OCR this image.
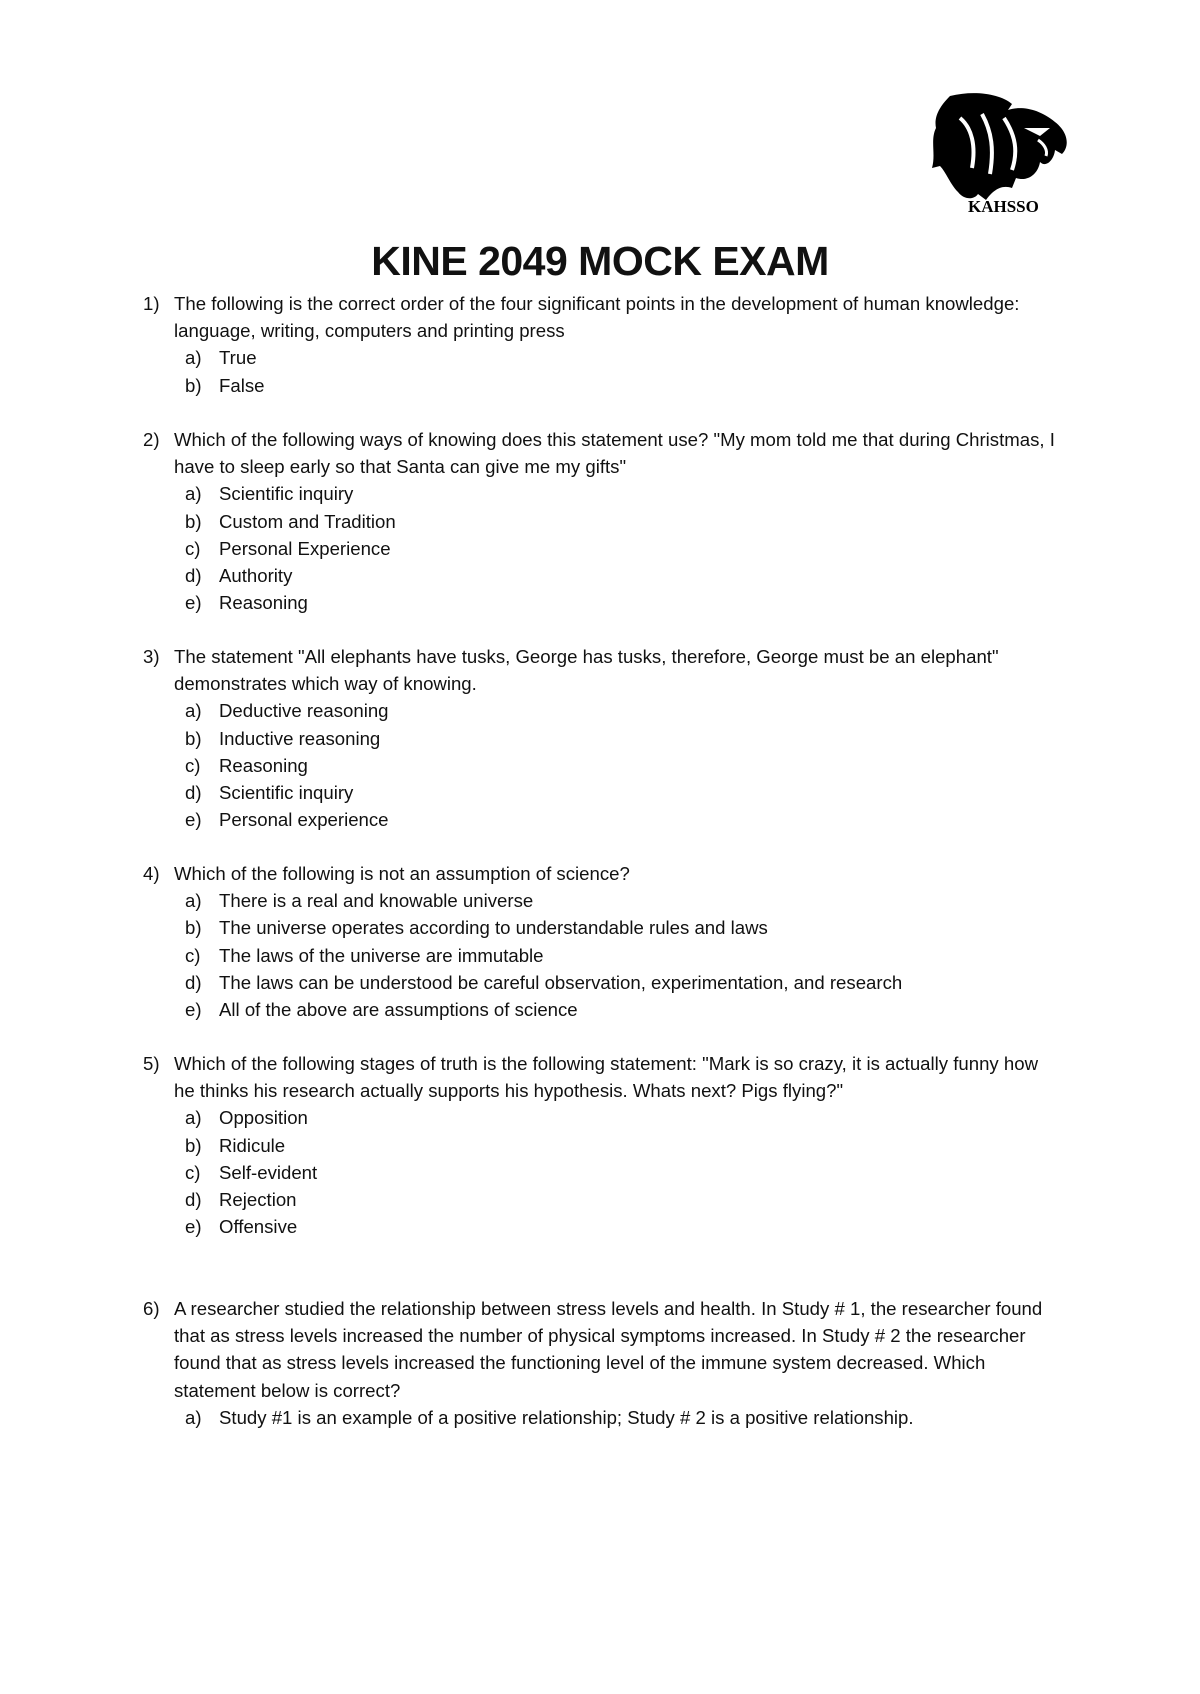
KAHSSO
KINE 2049 MOCK EXAM
1) The following is the correct order of the four significant points in the development of human knowledge: language, writing, computers and printing press
a) True
b) False
2) Which of the following ways of knowing does this statement use? "My mom told me that during Christmas, I have to sleep early so that Santa can give me my gifts"
a) Scientific inquiry
b) Custom and Tradition
c) Personal Experience
d) Authority
e) Reasoning
3) The statement "All elephants have tusks, George has tusks, therefore, George must be an elephant" demonstrates which way of knowing.
a) Deductive reasoning
b) Inductive reasoning
c) Reasoning
d) Scientific inquiry
e) Personal experience
4) Which of the following is not an assumption of science?
a) There is a real and knowable universe
b) The universe operates according to understandable rules and laws
c) The laws of the universe are immutable
d) The laws can be understood be careful observation, experimentation, and research
e) All of the above are assumptions of science
5) Which of the following stages of truth is the following statement: "Mark is so crazy, it is actually funny how he thinks his research actually supports his hypothesis. Whats next? Pigs flying?"
a) Opposition
b) Ridicule
c) Self-evident
d) Rejection
e) Offensive
6) A researcher studied the relationship between stress levels and health. In Study # 1, the researcher found that as stress levels increased the number of physical symptoms increased. In Study # 2 the researcher found that as stress levels increased the functioning level of the immune system decreased. Which statement below is correct?
a) Study #1 is an example of a positive relationship; Study # 2 is a positive relationship.
